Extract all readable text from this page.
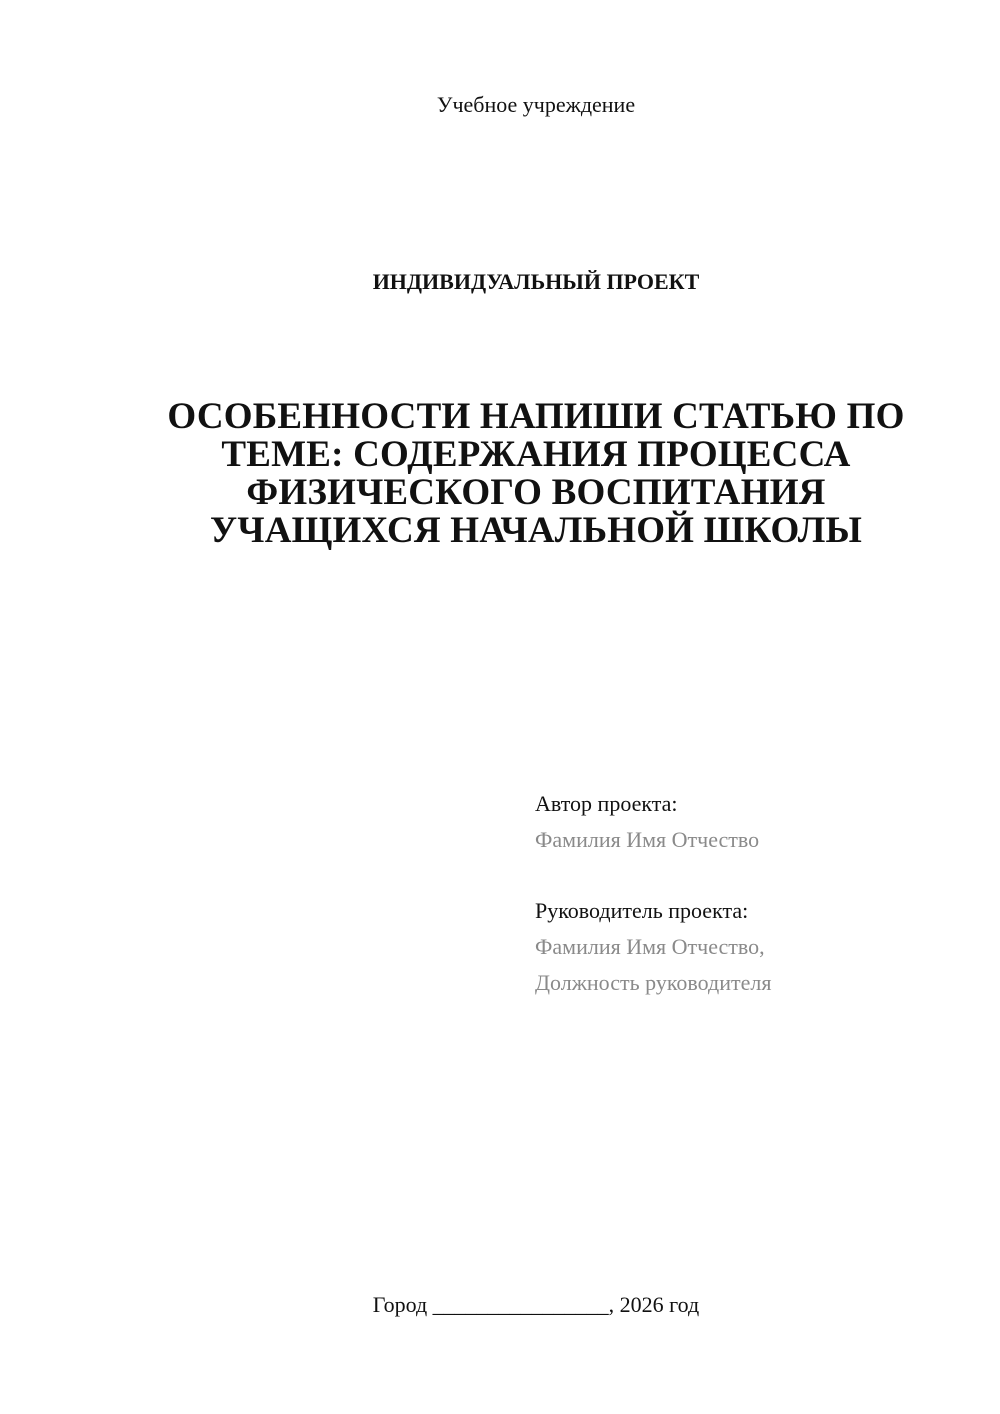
Учебное учреждение
ИНДИВИДУАЛЬНЫЙ ПРОЕКТ
ОСОБЕННОСТИ НАПИШИ СТАТЬЮ ПО
ТЕМЕ: СОДЕРЖАНИЯ ПРОЦЕССА
ФИЗИЧЕСКОГО ВОСПИТАНИЯ
УЧАЩИХСЯ НАЧАЛЬНОЙ ШКОЛЫ
Автор проекта:
Фамилия Имя Отчество
Руководитель проекта:
Фамилия Имя Отчество,
Должность руководителя
Город ________________, 2026 год
